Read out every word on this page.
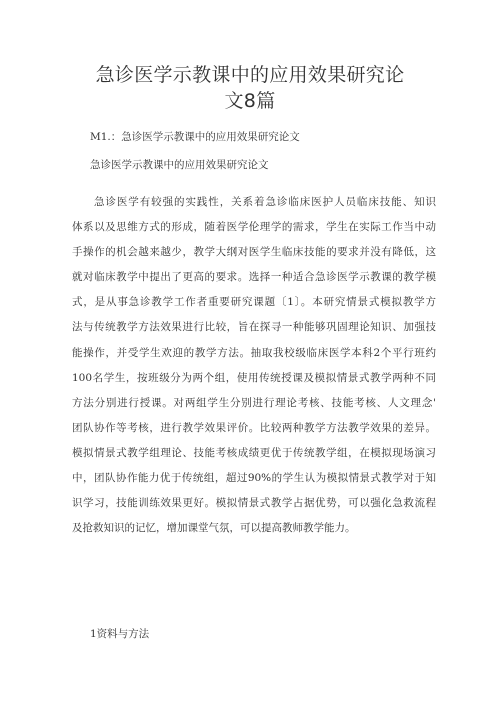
急诊医学示教课中的应用效果研究论
文8篇
M1.：急诊医学示教课中的应用效果研究论文
急诊医学示教课中的应用效果研究论文
急诊医学有较强的实践性，关系着急诊临床医护人员临床技能、知识
体系以及思维方式的形成，随着医学伦理学的需求，学生在实际工作当中动
手操作的机会越来越少，教学大纲对医学生临床技能的要求并没有降低，这
就对临床教学中提出了更高的要求。选择一种适合急诊医学示教课的教学模
式，是从事急诊教学工作者重要研究课题〔1〕。本研究情景式模拟教学方
法与传统教学方法效果进行比较，旨在探寻一种能够巩固理论知识、加强技
能操作，并受学生欢迎的教学方法。抽取我校级临床医学本科2个平行班约
100名学生，按班级分为两个组，使用传统授课及模拟情景式教学两种不同
方法分别进行授课。对两组学生分别进行理论考核、技能考核、人文理念'
团队协作等考核，进行教学效果评价。比较两种教学方法教学效果的差异。
模拟情景式教学组理论、技能考核成绩更优于传统教学组，在模拟现场演习
中，团队协作能力优于传统组，超过90%的学生认为模拟情景式教学对于知
识学习，技能训练效果更好。模拟情景式教学占据优势，可以强化急救流程
及抢救知识的记忆，增加课堂气氛，可以提高教师教学能力。
1资料与方法
